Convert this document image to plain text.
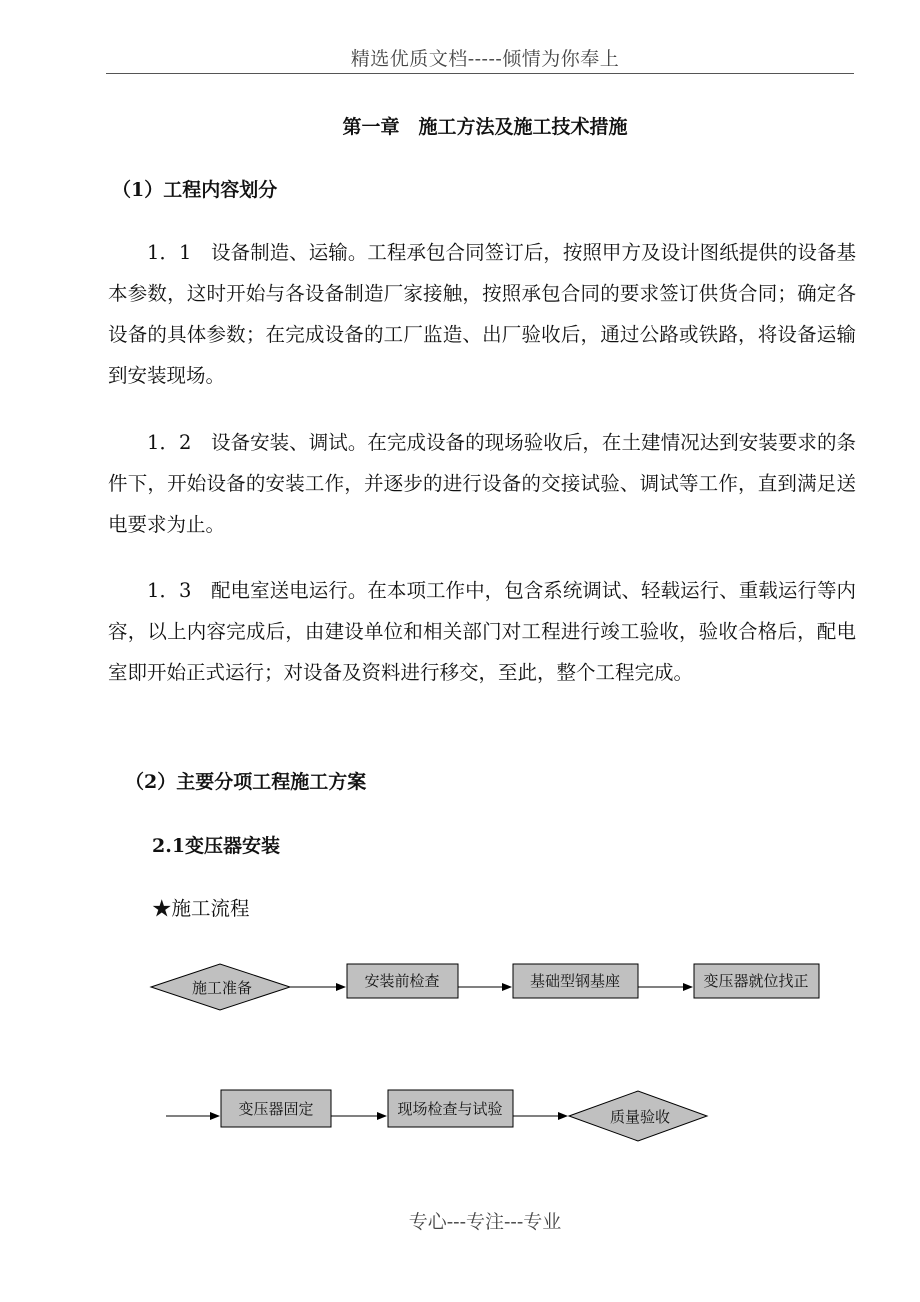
精选优质文档-----倾情为你奉上
第一章　施工方法及施工技术措施
（1）工程内容划分
1．1　设备制造、运输。工程承包合同签订后，按照甲方及设计图纸提供的设备基本参数，这时开始与各设备制造厂家接触，按照承包合同的要求签订供货合同；确定各设备的具体参数；在完成设备的工厂监造、出厂验收后，通过公路或铁路，将设备运输到安装现场。
1．2　设备安装、调试。在完成设备的现场验收后，在土建情况达到安装要求的条件下，开始设备的安装工作，并逐步的进行设备的交接试验、调试等工作，直到满足送电要求为止。
1．3　配电室送电运行。在本项工作中，包含系统调试、轻载运行、重载运行等内容，以上内容完成后，由建设单位和相关部门对工程进行竣工验收，验收合格后，配电室即开始正式运行；对设备及资料进行移交，至此，整个工程完成。
（2）主要分项工程施工方案
2.1变压器安装
★施工流程
施工准备	安装前检查	基础型钢基座	变压器就位找正
变压器固定	现场检查与试验	质量验收
专心---专注---专业
